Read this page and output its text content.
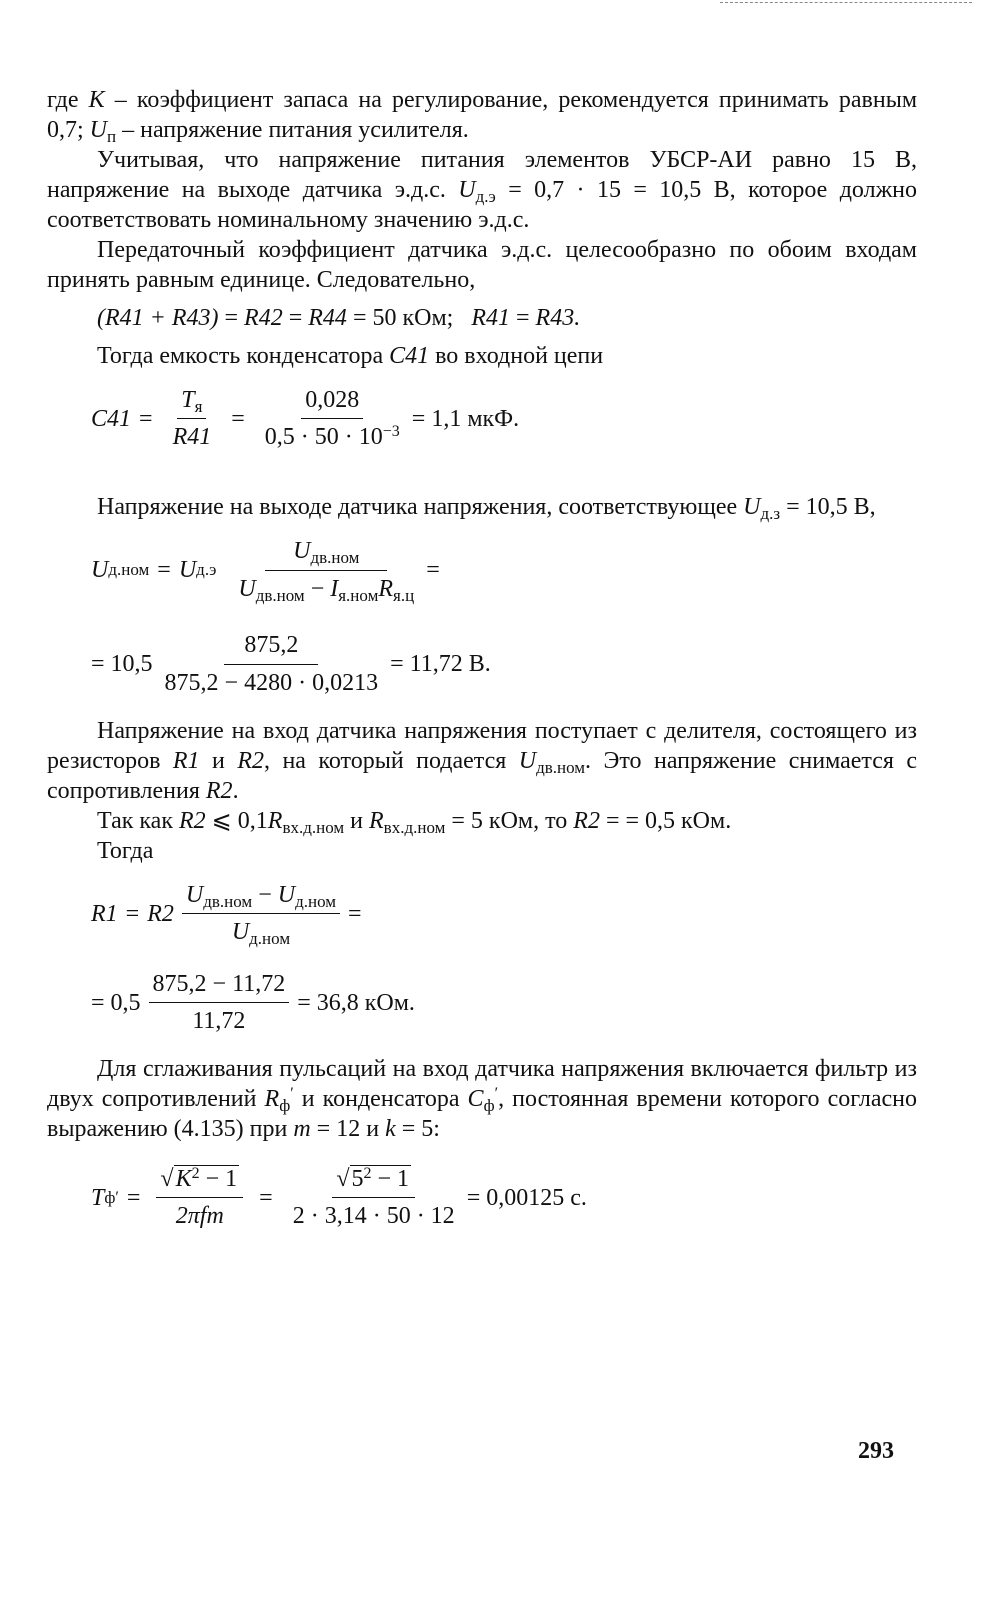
где K – коэффициент запаса на регулирование, рекомендуется принимать равным 0,7; $U_п$ – напряжение питания усилителя.

Учитывая, что напряжение питания элементов УБСР-АИ равно 15 В, напряжение на выходе датчика э.д.с. $U_{д.э} = 0,7 \cdot 15 = 10,5$ В, которое должно соответствовать номинальному значению э.д.с.

Передаточный коэффициент датчика э.д.с. целесообразно по обоим входам принять равным единице. Следовательно,

(R41 + R43) = R42 = R44 = 50 кОм; R41 = R43.

Тогда емкость конденсатора C41 во входной цепи

$C41 = \frac{T_я}{R41} = \frac{0,028}{0,5 \cdot 50 \cdot 10^{-3}} = 1,1$ мкФ.

Напряжение на выходе датчика напряжения, соответствующее $U_{д.з} = 10,5$ В,

U д.ном = U $д.э \frac{U_{дв.ном}}{U_{дв.ном} - I_{я.ном}R_{я.ц}}$ =
= $10,5 \frac{875,2}{875,2 - 4280 \cdot 0,0213} = 11,72$ В.

Напряжение на вход датчика напряжения поступает с делителя, состоящего из резисторов R1 и R2, на который подается $U_{дв.ном}$. Это напряжение снимается с сопротивления R2.

Так как R2 ⩽ $0,1R_{вх.д.ном}$ и $R_{вх.д.ном} = 5$ кОм, то R2 = = 0,5 кОм.

Тогда

$R1 = R2 \frac{U_{дв.ном} - U_{д.ном}}{U_{д.ном}}$ =
= $0,5 \frac{875,2 - 11,72}{11,72} = 36,8$ кОм.

Для сглаживания пульсаций на вход датчика напряжения включается фильтр из двух сопротивлений $R_ф'$ и конденсатора $C_ф'$, постоянная времени которого согласно выражению (4.135) при m = 12 и k = 5:

T ф ′ = $\frac{√K^2 - 1}{\text{2πfm}} = \frac{√5^2 - 1}{2 \cdot 3,14 \cdot 50 \cdot 12} = 0,00125$ с.
293
